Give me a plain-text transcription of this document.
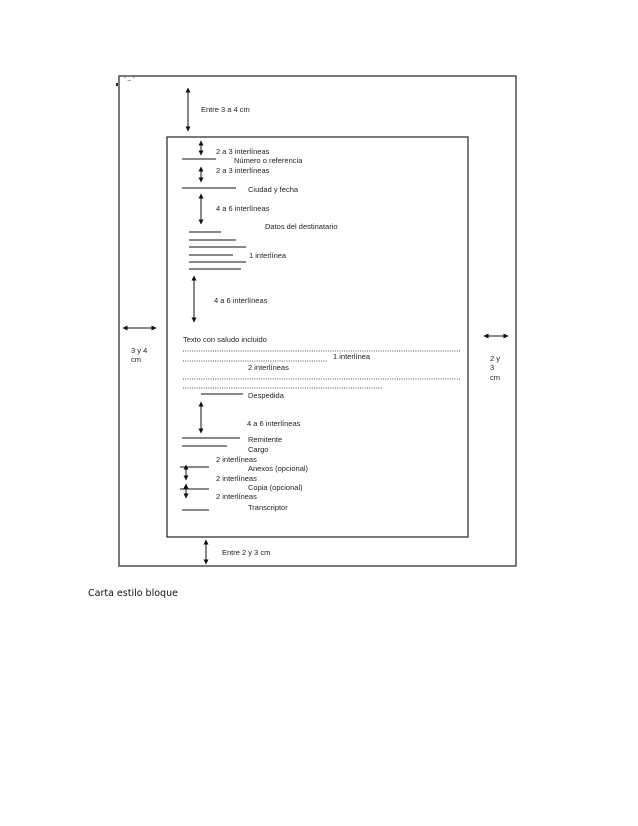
- _ -
Entre 3 a 4 cm
Entre 2 y 3 cm
3 y 4
cm	2 y
3
cm
2 a 3 interlíneas
Número o referencia
2 a 3 interlíneas
Ciudad y fecha
4 a 6 interlíneas
Datos del destinatario
1 interlínea
4 a 6 interlíneas
Texto con saludo incluido
1 interlínea
2 interlíneas
Despedida
4 a 6 interlíneas
Remitente
Cargo
2 interlíneas
Anexos (opcional)
2 interlíneas
Copia (opcional)
2 interlíneas
Transcriptor
Carta estilo bloque
